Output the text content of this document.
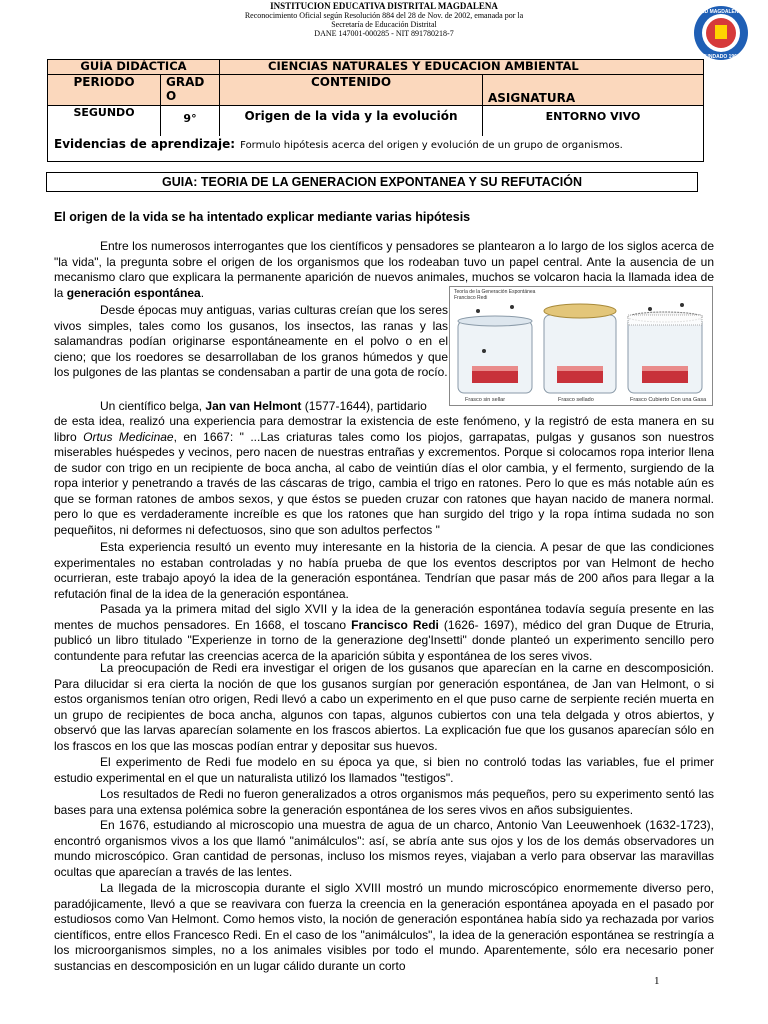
INSTITUCION EDUCATIVA DISTRITAL MAGDALENA
Reconocimiento Oficial según Resolución 884 del 28 de Nov. de 2002, emanada por la
Secretaría de Educación Distrital
DANE 147001-000285 - NIT 891780218-7
IED MAGDALENA
FUNDADO 1968
GUÍA DIDÁCTICA		CIENCIAS NATURALES Y EDUCACION AMBIENTAL	
PERIODO	GRAD O	CONTENIDO	ASIGNATURA
SEGUNDO	9°	Origen de la vida y la evolución	ENTORNO VIVO
Evidencias de aprendizaje: Formulo hipótesis acerca del origen y evolución de un grupo de organismos.
GUIA: TEORIA DE LA GENERACION EXPONTANEA Y SU REFUTACIÓN
El origen de la vida se ha intentado explicar mediante varias hipótesis

Entre los numerosos interrogantes que los científicos y pensadores se plantearon a lo largo de los siglos acerca de "la vida", la pregunta sobre el origen de los organismos que los rodeaban tuvo un papel central. Ante la ausencia de un mecanismo claro que explicara la permanente aparición de nuevos animales, muchos se volcaron hacia la llamada idea de la generación espontánea.

Desde épocas muy antiguas, varias culturas creían que los seres vivos simples, tales como los gusanos, los insectos, las ranas y las salamandras podían originarse espontáneamente en el polvo o en el cieno; que los roedores se desarrollaban de los granos húmedos y que los pulgones de las plantas se condensaban a partir de una gota de rocío.

Un científico belga, Jan van Helmont (1577-1644), partidario

de esta idea, realizó una experiencia para demostrar la existencia de este fenómeno, y la registró de esta manera en su libro Ortus Medicinae, en 1667: " ...Las criaturas tales como los piojos, garrapatas, pulgas y gusanos son nuestros miserables huéspedes y vecinos, pero nacen de nuestras entrañas y excrementos. Porque si colocamos ropa interior llena de sudor con trigo en un recipiente de boca ancha, al cabo de veintiún días el olor cambia, y el fermento, surgiendo de la ropa interior y penetrando a través de las cáscaras de trigo, cambia el trigo en ratones. Pero lo que es más notable aún es que se forman ratones de ambos sexos, y que éstos se pueden cruzar con ratones que hayan nacido de manera normal. pero lo que es verdaderamente increíble es que los ratones que han surgido del trigo y la ropa íntima sudada no son pequeñitos, ni deformes ni defectuosos, sino que son adultos perfectos "

Esta experiencia resultó un evento muy interesante en la historia de la ciencia. A pesar de que las condiciones experimentales no estaban controladas y no había prueba de que los eventos descriptos por van Helmont de hecho ocurrieran, este trabajo apoyó la idea de la generación espontánea. Tendrían que pasar más de 200 años para llegar a la refutación final de la idea de la generación espontánea.

Pasada ya la primera mitad del siglo XVII y la idea de la generación espontánea todavía seguía presente en las mentes de muchos pensadores. En 1668, el toscano Francisco Redi (1626- 1697), médico del gran Duque de Etruria, publicó un libro titulado "Experienze in torno de la generazione deg'Insetti" donde planteó un experimento sencillo pero contundente para refutar las creencias acerca de la aparición súbita y espontánea de los seres vivos.

La preocupación de Redi era investigar el origen de los gusanos que aparecían en la carne en descomposición. Para dilucidar si era cierta la noción de que los gusanos surgían por generación espontánea, de Jan van Helmont, o si estos organismos tenían otro origen, Redi llevó a cabo un experimento en el que puso carne de serpiente recién muerta en un grupo de recipientes de boca ancha, algunos con tapas, algunos cubiertos con una tela delgada y otros abiertos, y observó que las larvas aparecían solamente en los frascos abiertos. La explicación fue que los gusanos aparecían sólo en los frascos en los que las moscas podían entrar y depositar sus huevos.

El experimento de Redi fue modelo en su época ya que, si bien no controló todas las variables, fue el primer estudio experimental en el que un naturalista utilizó los llamados "testigos".

Los resultados de Redi no fueron generalizados a otros organismos más pequeños, pero su experimento sentó las bases para una extensa polémica sobre la generación espontánea de los seres vivos en años subsiguientes.

En 1676, estudiando al microscopio una muestra de agua de un charco, Antonio Van Leeuwenhoek (1632-1723), encontró organismos vivos a los que llamó "animálculos": así, se abría ante sus ojos y los de los demás observadores un mundo microscópico. Gran cantidad de personas, incluso los mismos reyes, viajaban a verlo para observar las maravillas ocultas que aparecían a través de las lentes.

La llegada de la microscopia durante el siglo XVIII mostró un mundo microscópico enormemente diverso pero, paradójicamente, llevó a que se reavivara con fuerza la creencia en la generación espontánea apoyada en el pasado por estudiosos como Van Helmont. Como hemos visto, la noción de generación espontánea había sido ya rechazada por varios científicos, entre ellos Francesco Redi. En el caso de los "animálculos", la idea de la generación espontánea se restringía a los microorganismos simples, no a los animales visibles por todo el mundo. Aparentemente, sólo era necesario poner sustancias en descomposición en un lugar cálido durante un corto

Teoría de la Generación Espontánea
Francisco Redi
Frasco sin sellar	Frasco sellado	Frasco Cubierto Con una Gasa
1
